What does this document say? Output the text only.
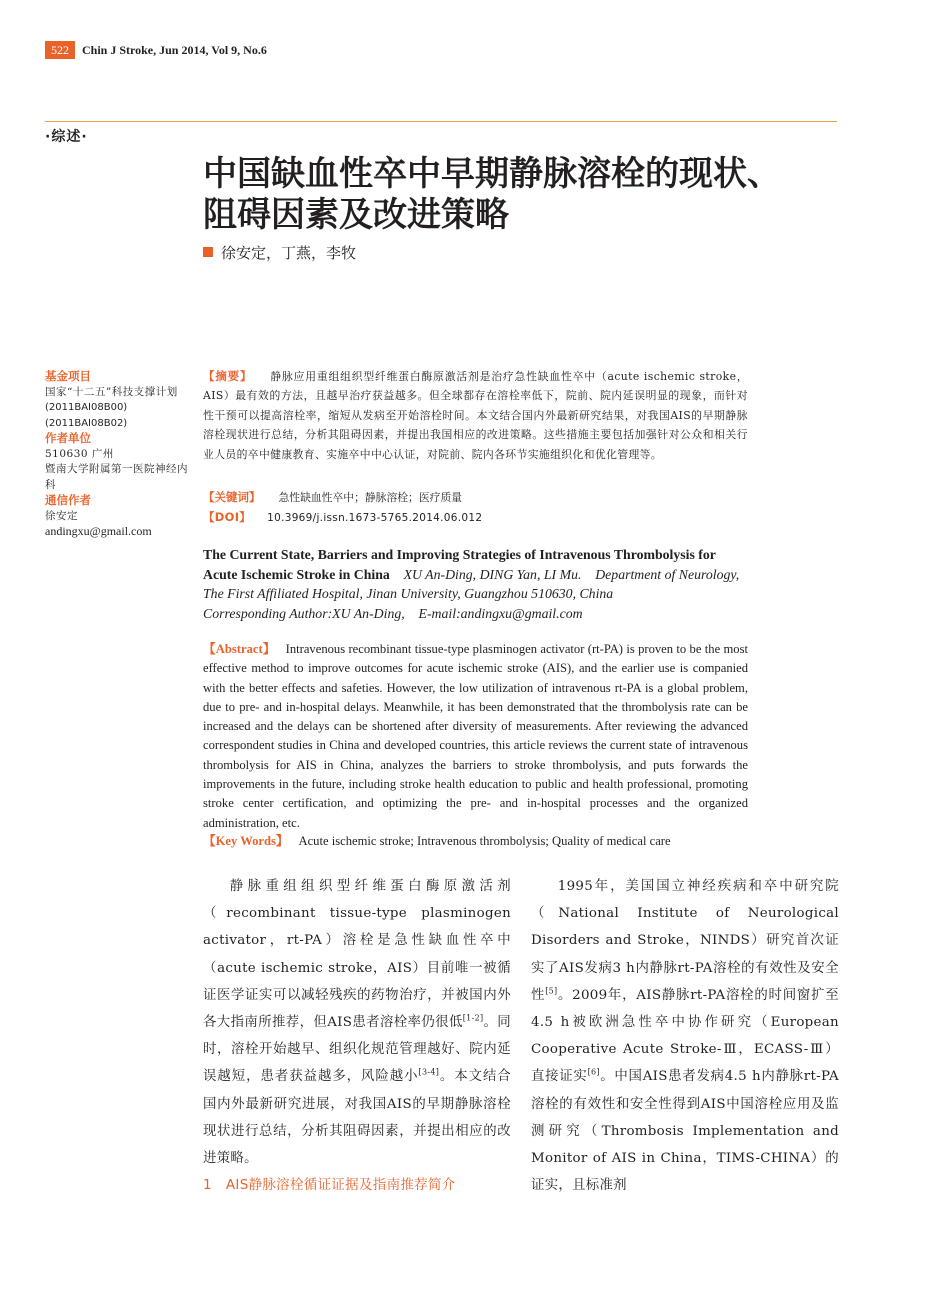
522	Chin J Stroke, Jun 2014, Vol 9, No.6
·综述·
中国缺血性卒中早期静脉溶栓的现状、
阻碍因素及改进策略
徐安定，丁燕，李牧
基金项目
国家“十二五”科技支撑计划
(2011BAI08B00)
(2011BAI08B02)
作者单位
510630 广州
暨南大学附属第一医院神经内科
通信作者
徐安定
andingxu@gmail.com
【摘要】 静脉应用重组组织型纤维蛋白酶原激活剂是治疗急性缺血性卒中（acute ischemic stroke，AIS）最有效的方法，且越早治疗获益越多。但全球都存在溶栓率低下，院前、院内延误明显的现象，而针对性干预可以提高溶栓率，缩短从发病至开始溶栓时间。本文结合国内外最新研究结果，对我国AIS的早期静脉溶栓现状进行总结，分析其阻碍因素，并提出我国相应的改进策略。这些措施主要包括加强针对公众和相关行业人员的卒中健康教育、实施卒中中心认证，对院前、院内各环节实施组织化和优化管理等。
【关键词】 急性缺血性卒中；静脉溶栓；医疗质量
【DOI】 10.3969/j.issn.1673-5765.2014.06.012
The Current State, Barriers and Improving Strategies of Intravenous Thrombolysis for Acute Ischemic Stroke in China XU An-Ding, DING Yan, LI Mu. Department of Neurology, The First Affiliated Hospital, Jinan University, Guangzhou 510630, China
Corresponding Author:XU An-Ding, E-mail:andingxu@gmail.com
【Abstract】 Intravenous recombinant tissue-type plasminogen activator (rt-PA) is proven to be the most effective method to improve outcomes for acute ischemic stroke (AIS), and the earlier use is companied with the better effects and safeties. However, the low utilization of intravenous rt-PA is a global problem, due to pre- and in-hospital delays. Meanwhile, it has been demonstrated that the thrombolysis rate can be increased and the delays can be shortened after diversity of measurements. After reviewing the advanced correspondent studies in China and developed countries, this article reviews the current state of intravenous thrombolysis for AIS in China, analyzes the barriers to stroke thrombolysis, and puts forwards the improvements in the future, including stroke health education to public and health professional, promoting stroke center certification, and optimizing the pre- and in-hospital processes and the organized administration, etc.
【Key Words】 Acute ischemic stroke; Intravenous thrombolysis; Quality of medical care

静脉重组组织型纤维蛋白酶原激活剂（recombinant tissue-type plasminogen activator，rt-PA）溶栓是急性缺血性卒中（acute ischemic stroke，AIS）目前唯一被循证医学证实可以减轻残疾的药物治疗，并被国内外各大指南所推荐，但AIS患者溶栓率仍很低[1-2]。同时，溶栓开始越早、组织化规范管理越好、院内延误越短，患者获益越多，风险越小[3-4]。本文结合国内外最新研究进展，对我国AIS的早期静脉溶栓现状进行总结，分析其阻碍因素，并提出相应的改进策略。

1 AIS静脉溶栓循证证据及指南推荐简介

1995年，美国国立神经疾病和卒中研究院（National Institute of Neurological Disorders and Stroke，NINDS）研究首次证实了AIS发病3 h内静脉rt-PA溶栓的有效性及安全性[5]。2009年，AIS静脉rt-PA溶栓的时间窗扩至4.5 h被欧洲急性卒中协作研究（European Cooperative Acute Stroke-Ⅲ，ECASS-Ⅲ）直接证实[6]。中国AIS患者发病4.5 h内静脉rt-PA溶栓的有效性和安全性得到AIS中国溶栓应用及监测研究（Thrombosis Implementation and Monitor of AIS in China，TIMS-CHINA）的证实，且标准剂
